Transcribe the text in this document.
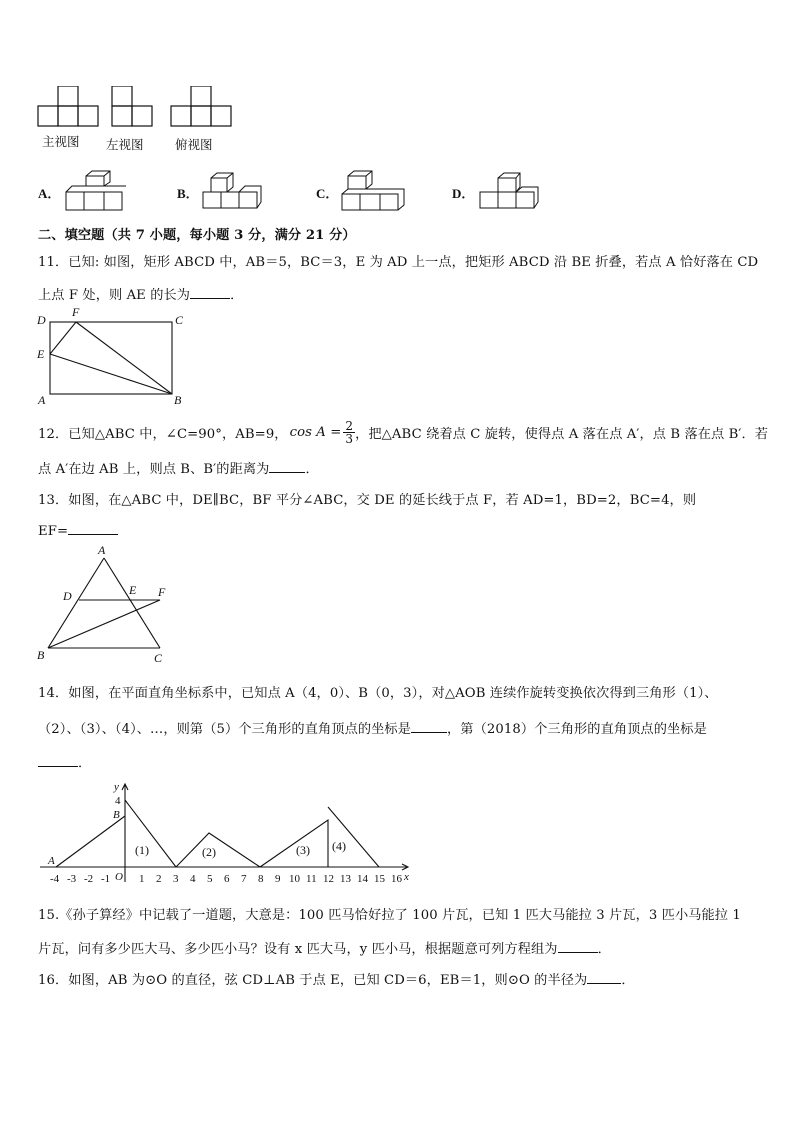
主视图 左视图	俯视图
A．	B．	C．	D．
二、填空题（共 7 小题，每小题 3 分，满分 21 分）
11．已知: 如图，矩形 ABCD 中，AB＝5，BC＝3，E 为 AD 上一点，把矩形 ABCD 沿 BE 折叠，若点 A 恰好落在 CD
上点 F 处，则 AE 的长为	．
D
F
C
E
A	B
12．已知△ABC 中，∠C=90°，AB=9， $\cos A = \frac{2}{3}$ ，把△ABC 绕着点 C 旋转，使得点 A 落在点 A′，点 B 落在点 B′．若
点 A′在边 AB 上，则点 B、B′的距离为	．
13．如图，在△ABC 中，DE∥BC，BF 平分∠ABC，交 DE 的延长线于点 F，若 AD=1，BD=2，BC=4，则
EF=
A
D	E F
B	C
14．如图，在平面直角坐标系中，已知点 A（4，0）、B（0，3），对△AOB 连续作旋转变换依次得到三角形（1）、
（2）、（3）、（4）、…，则第（5）个三角形的直角顶点的坐标是	，第（2018）个三角形的直角顶点的坐标是
．
y
x
4
B
A
O
-4 -3 -2 -1	1 2 3 4 5 6 7 8 9 10 11 12 13 14 15 16
(1)	(2)	(3) (4)
15.《孙子算经》中记载了一道题，大意是：100 匹马恰好拉了 100 片瓦，已知 1 匹大马能拉 3 片瓦，3 匹小马能拉 1
片瓦，问有多少匹大马、多少匹小马？设有 x 匹大马，y 匹小马，根据题意可列方程组为	．
16．如图，AB 为⊙O 的直径，弦 CD⊥AB 于点 E，已知 CD＝6，EB＝1，则⊙O 的半径为	．
